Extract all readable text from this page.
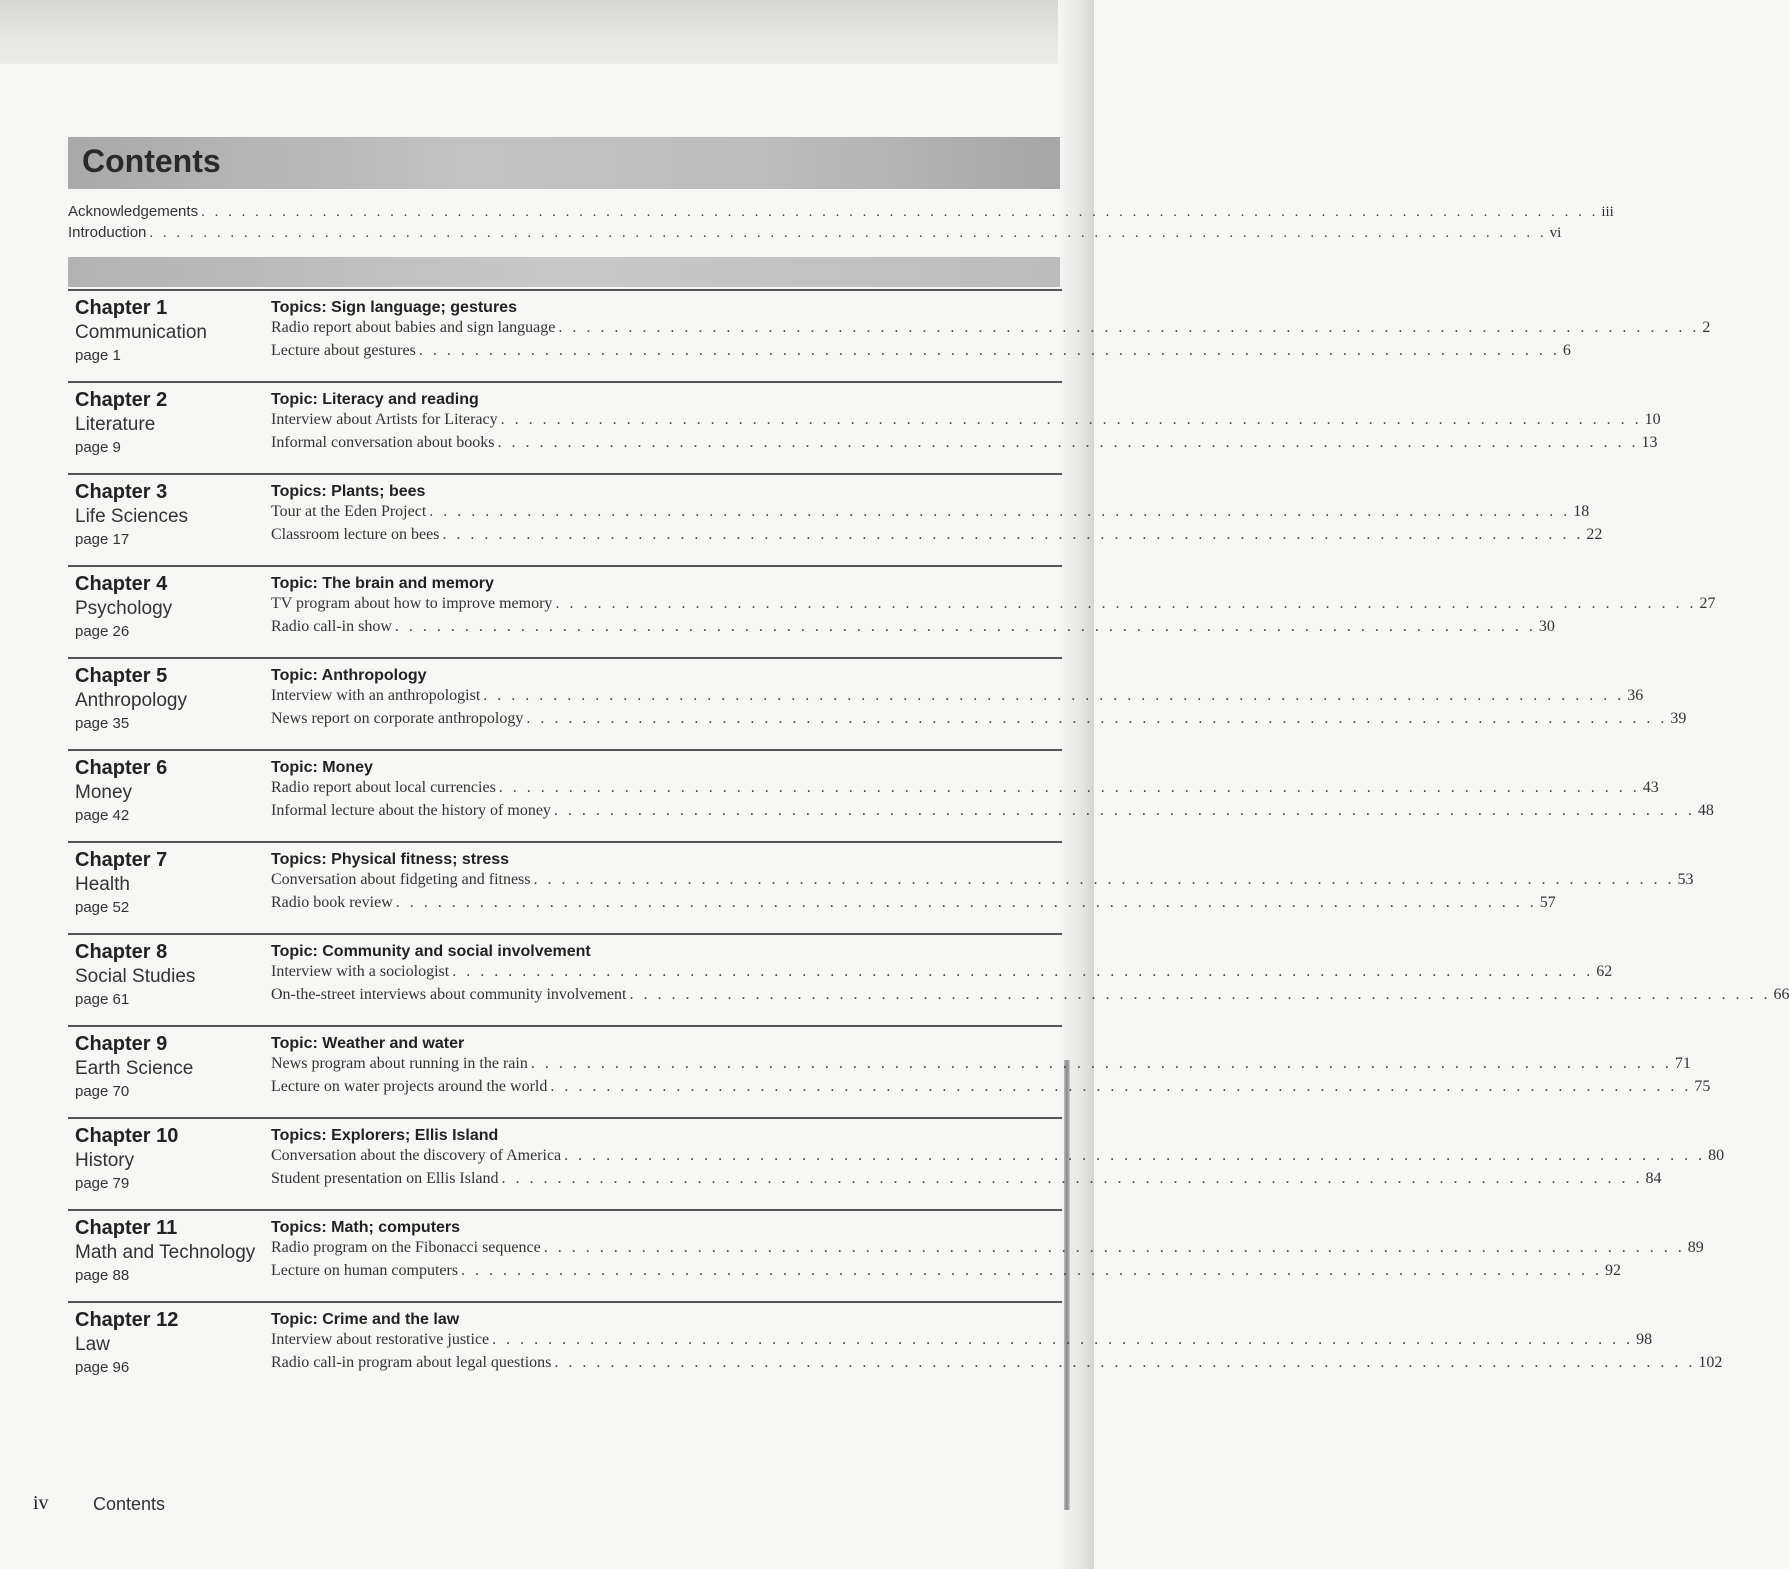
Contents
Acknowledgements . . . . . . . . . . . . . . . . . . . . . . . . . . . . . . . . . . . . . . . . . . . . . . . . . . . . . . . . . . . . . . . . . . . . . . . . . . . . . . . . . . . . . . . . . . . . . . . . . . . . . . . . iii
Introduction . . . . . . . . . . . . . . . . . . . . . . . . . . . . . . . . . . . . . . . . . . . . . . . . . . . . . . . . . . . . . . . . . . . . . . . . . . . . . . . . . . . . . . . . . . . . . . . . . . . . . . . . vi
Chapter 1
Communication
page 1
Topics: Sign language; gestures
Radio report about babies and sign language . . . . . . . . . . . . . . . . . . . . . . . . . . . . . . . . . . . . . . . . . . . . . . . . . . . . . . . . . . . . . . . . . . . . . . . . . . . . . . . . . . 2
Lecture about gestures . . . . . . . . . . . . . . . . . . . . . . . . . . . . . . . . . . . . . . . . . . . . . . . . . . . . . . . . . . . . . . . . . . . . . . . . . . . . . . . . . . 6
Chapter 2
Literature
page 9
Topic: Literacy and reading
Interview about Artists for Literacy . . . . . . . . . . . . . . . . . . . . . . . . . . . . . . . . . . . . . . . . . . . . . . . . . . . . . . . . . . . . . . . . . . . . . . . . . . . . . . . . . . 10
Informal conversation about books . . . . . . . . . . . . . . . . . . . . . . . . . . . . . . . . . . . . . . . . . . . . . . . . . . . . . . . . . . . . . . . . . . . . . . . . . . . . . . . . . . 13
Chapter 3
Life Sciences
page 17
Topics: Plants; bees
Tour at the Eden Project . . . . . . . . . . . . . . . . . . . . . . . . . . . . . . . . . . . . . . . . . . . . . . . . . . . . . . . . . . . . . . . . . . . . . . . . . . . . . . . . . . 18
Classroom lecture on bees . . . . . . . . . . . . . . . . . . . . . . . . . . . . . . . . . . . . . . . . . . . . . . . . . . . . . . . . . . . . . . . . . . . . . . . . . . . . . . . . . . 22
Chapter 4
Psychology
page 26
Topic: The brain and memory
TV program about how to improve memory . . . . . . . . . . . . . . . . . . . . . . . . . . . . . . . . . . . . . . . . . . . . . . . . . . . . . . . . . . . . . . . . . . . . . . . . . . . . . . . . . . 27
Radio call-in show . . . . . . . . . . . . . . . . . . . . . . . . . . . . . . . . . . . . . . . . . . . . . . . . . . . . . . . . . . . . . . . . . . . . . . . . . . . . . . . . . . 30
Chapter 5
Anthropology
page 35
Topic: Anthropology
Interview with an anthropologist . . . . . . . . . . . . . . . . . . . . . . . . . . . . . . . . . . . . . . . . . . . . . . . . . . . . . . . . . . . . . . . . . . . . . . . . . . . . . . . . . . 36
News report on corporate anthropology . . . . . . . . . . . . . . . . . . . . . . . . . . . . . . . . . . . . . . . . . . . . . . . . . . . . . . . . . . . . . . . . . . . . . . . . . . . . . . . . . . 39
Chapter 6
Money
page 42
Topic: Money
Radio report about local currencies . . . . . . . . . . . . . . . . . . . . . . . . . . . . . . . . . . . . . . . . . . . . . . . . . . . . . . . . . . . . . . . . . . . . . . . . . . . . . . . . . . 43
Informal lecture about the history of money . . . . . . . . . . . . . . . . . . . . . . . . . . . . . . . . . . . . . . . . . . . . . . . . . . . . . . . . . . . . . . . . . . . . . . . . . . . . . . . . . . 48
Chapter 7
Health
page 52
Topics: Physical fitness; stress
Conversation about fidgeting and fitness . . . . . . . . . . . . . . . . . . . . . . . . . . . . . . . . . . . . . . . . . . . . . . . . . . . . . . . . . . . . . . . . . . . . . . . . . . . . . . . . . . 53
Radio book review . . . . . . . . . . . . . . . . . . . . . . . . . . . . . . . . . . . . . . . . . . . . . . . . . . . . . . . . . . . . . . . . . . . . . . . . . . . . . . . . . . 57
Chapter 8
Social Studies
page 61
Topic: Community and social involvement
Interview with a sociologist . . . . . . . . . . . . . . . . . . . . . . . . . . . . . . . . . . . . . . . . . . . . . . . . . . . . . . . . . . . . . . . . . . . . . . . . . . . . . . . . . . 62
On-the-street interviews about community involvement . . . . . . . . . . . . . . . . . . . . . . . . . . . . . . . . . . . . . . . . . . . . . . . . . . . . . . . . . . . . . . . . . . . . . . . . . . . . . . . . . . 66
Chapter 9
Earth Science
page 70
Topic: Weather and water
News program about running in the rain . . . . . . . . . . . . . . . . . . . . . . . . . . . . . . . . . . . . . . . . . . . . . . . . . . . . . . . . . . . . . . . . . . . . . . . . . . . . . . . . . . 71
Lecture on water projects around the world . . . . . . . . . . . . . . . . . . . . . . . . . . . . . . . . . . . . . . . . . . . . . . . . . . . . . . . . . . . . . . . . . . . . . . . . . . . . . . . . . . 75
Chapter 10
History
page 79
Topics: Explorers; Ellis Island
Conversation about the discovery of America . . . . . . . . . . . . . . . . . . . . . . . . . . . . . . . . . . . . . . . . . . . . . . . . . . . . . . . . . . . . . . . . . . . . . . . . . . . . . . . . . . 80
Student presentation on Ellis Island . . . . . . . . . . . . . . . . . . . . . . . . . . . . . . . . . . . . . . . . . . . . . . . . . . . . . . . . . . . . . . . . . . . . . . . . . . . . . . . . . . 84
Chapter 11
Math and Technology
page 88
Topics: Math; computers
Radio program on the Fibonacci sequence . . . . . . . . . . . . . . . . . . . . . . . . . . . . . . . . . . . . . . . . . . . . . . . . . . . . . . . . . . . . . . . . . . . . . . . . . . . . . . . . . . 89
Lecture on human computers . . . . . . . . . . . . . . . . . . . . . . . . . . . . . . . . . . . . . . . . . . . . . . . . . . . . . . . . . . . . . . . . . . . . . . . . . . . . . . . . . . 92
Chapter 12
Law
page 96
Topic: Crime and the law
Interview about restorative justice . . . . . . . . . . . . . . . . . . . . . . . . . . . . . . . . . . . . . . . . . . . . . . . . . . . . . . . . . . . . . . . . . . . . . . . . . . . . . . . . . . 98
Radio call-in program about legal questions . . . . . . . . . . . . . . . . . . . . . . . . . . . . . . . . . . . . . . . . . . . . . . . . . . . . . . . . . . . . . . . . . . . . . . . . . . . . . . . . . . 102
iv Contents
